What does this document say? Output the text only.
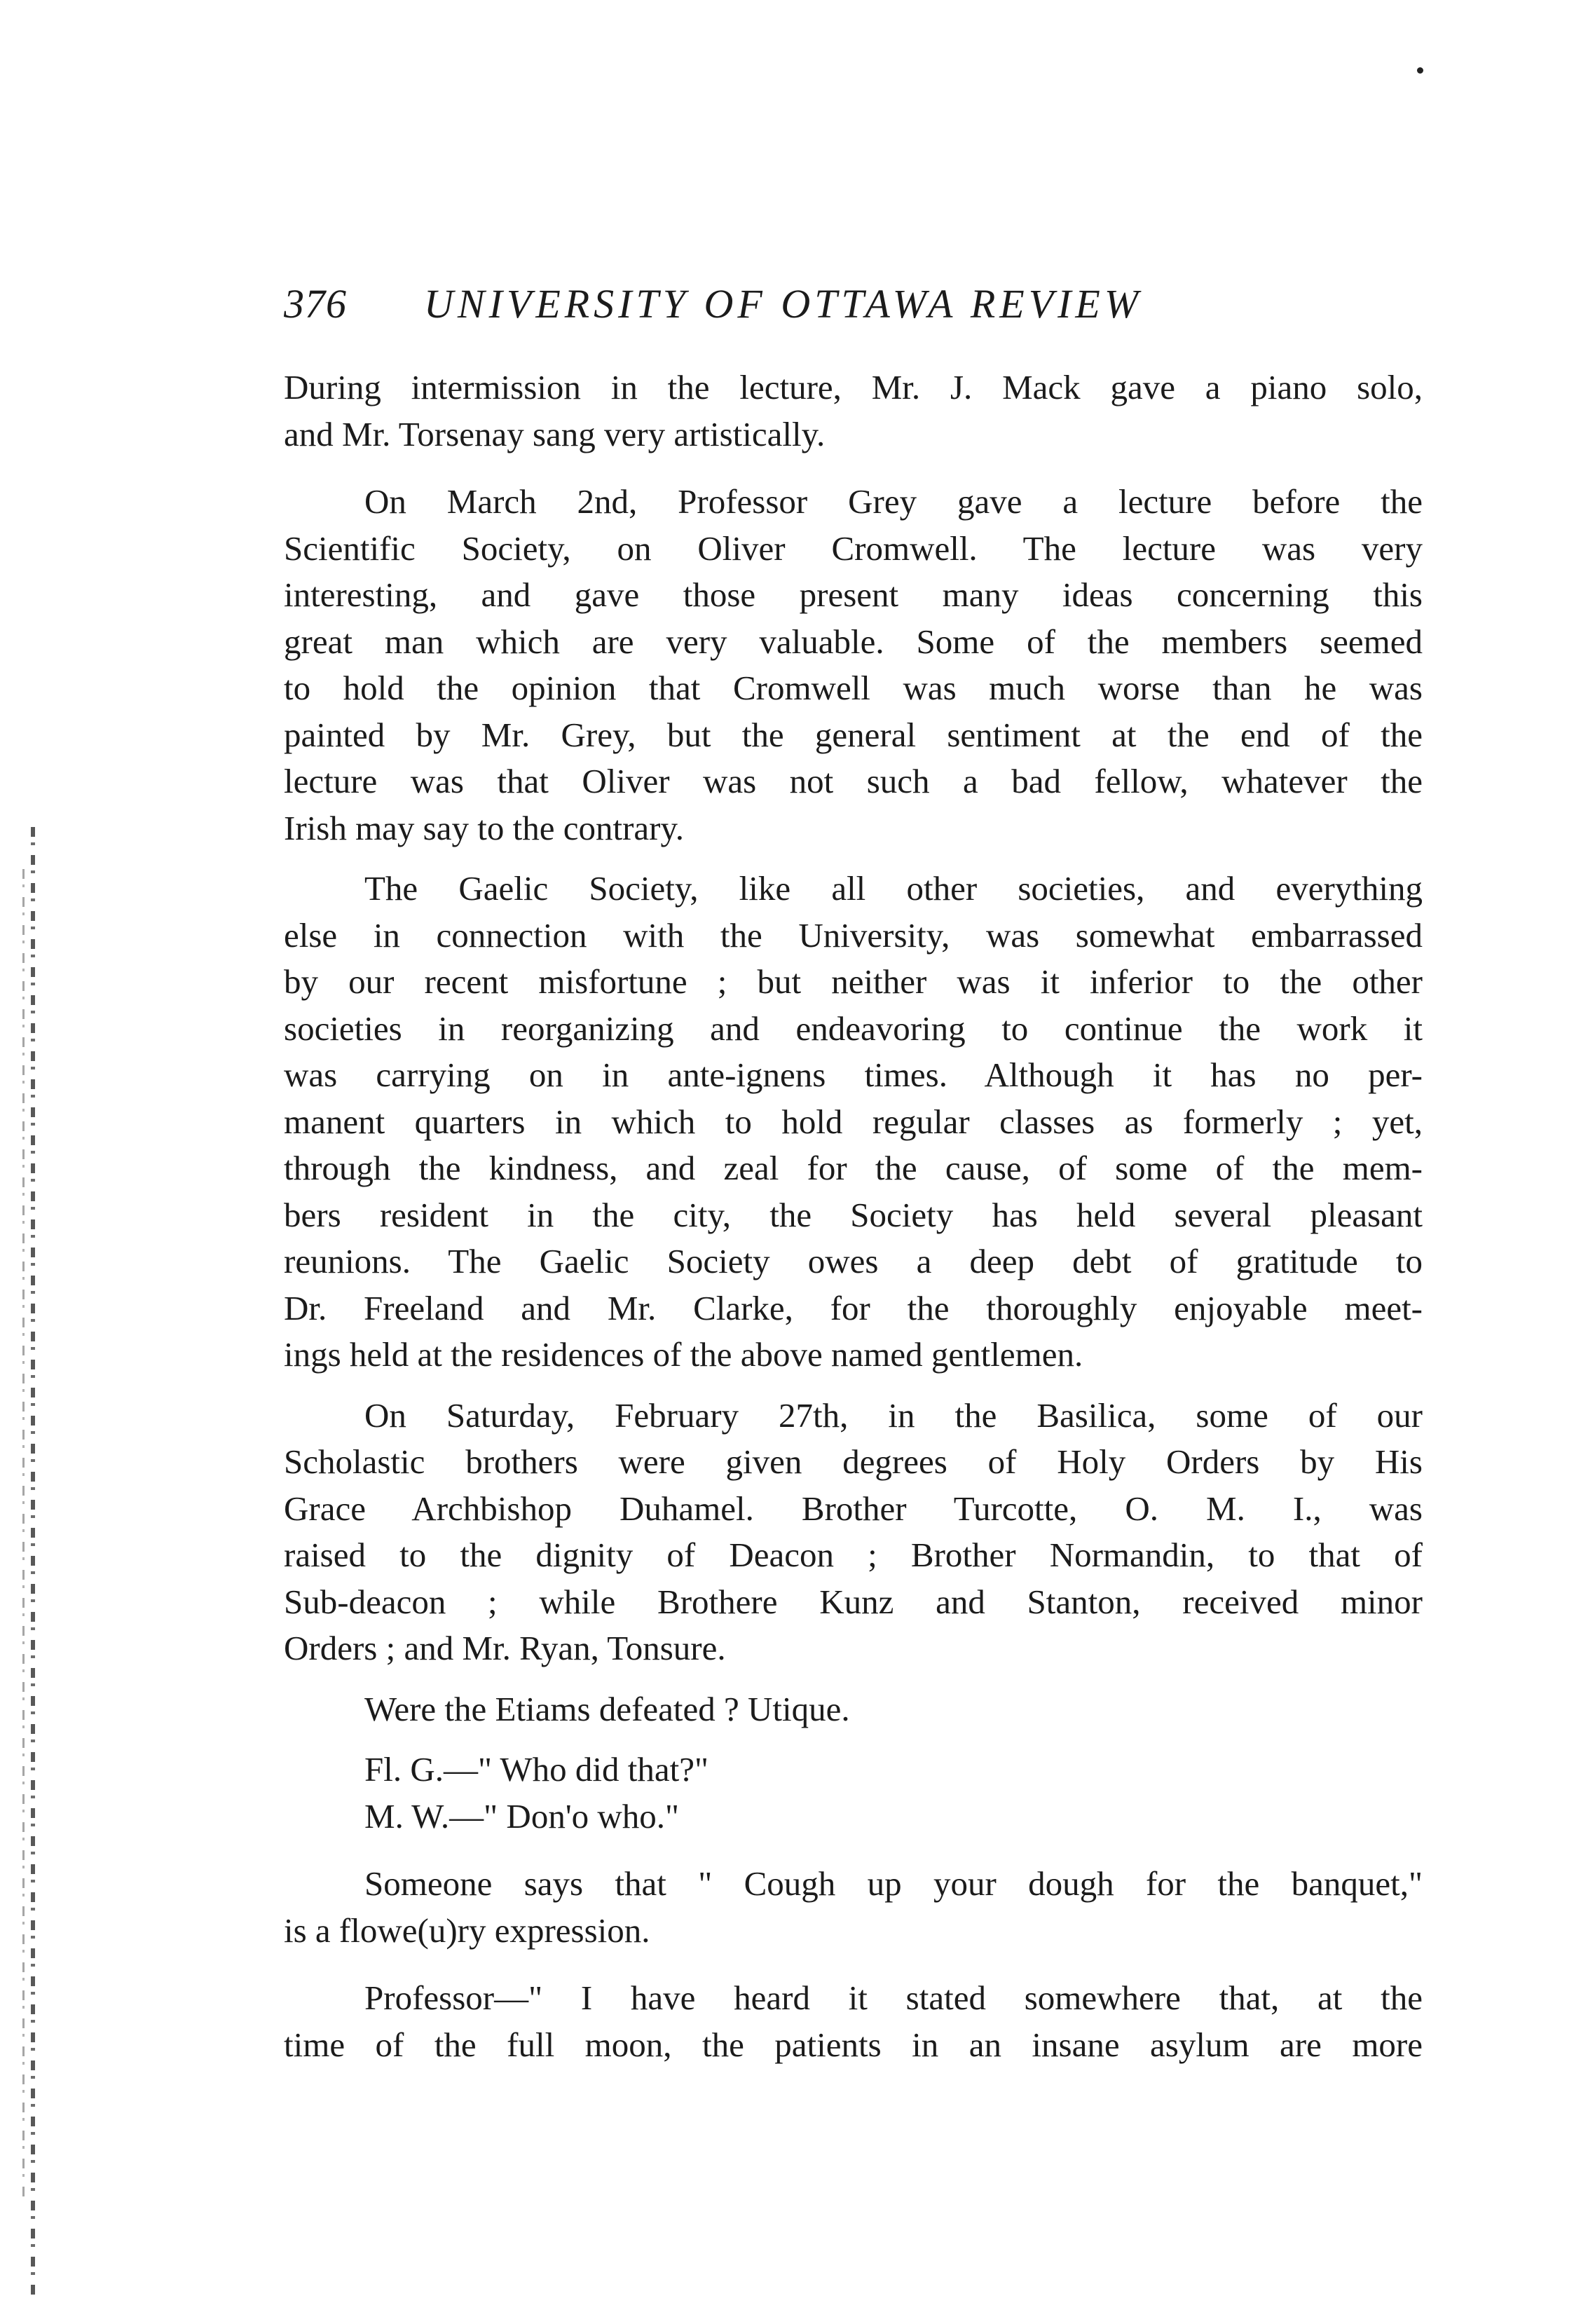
376 UNIVERSITY OF OTTAWA REVIEW

During intermission in the lecture, Mr. J. Mack gave a piano solo,
and Mr. Torsenay sang very artistically.

On March 2nd, Professor Grey gave a lecture before the
Scientific Society, on Oliver Cromwell. The lecture was very
interesting, and gave those present many ideas concerning this
great man which are very valuable. Some of the members seemed
to hold the opinion that Cromwell was much worse than he was
painted by Mr. Grey, but the general sentiment at the end of the
lecture was that Oliver was not such a bad fellow, whatever the
Irish may say to the contrary.

The Gaelic Society, like all other societies, and everything
else in connection with the University, was somewhat embarrassed
by our recent misfortune ; but neither was it inferior to the other
societies in reorganizing and endeavoring to continue the work it
was carrying on in ante-ignens times. Although it has no per-
manent quarters in which to hold regular classes as formerly ; yet,
through the kindness, and zeal for the cause, of some of the mem-
bers resident in the city, the Society has held several pleasant
reunions. The Gaelic Society owes a deep debt of gratitude to
Dr. Freeland and Mr. Clarke, for the thoroughly enjoyable meet-
ings held at the residences of the above named gentlemen.

On Saturday, February 27th, in the Basilica, some of our
Scholastic brothers were given degrees of Holy Orders by His
Grace Archbishop Duhamel. Brother Turcotte, O. M. I., was
raised to the dignity of Deacon ; Brother Normandin, to that of
Sub-deacon ; while Brothere Kunz and Stanton, received minor
Orders ; and Mr. Ryan, Tonsure.

Were the Etiams defeated ? Utique.

Fl. G.—" Who did that?"

M. W.—" Don'o who."

Someone says that " Cough up your dough for the banquet,"
is a flowe(u)ry expression.

Professor—" I have heard it stated somewhere that, at the
time of the full moon, the patients in an insane asylum are more
